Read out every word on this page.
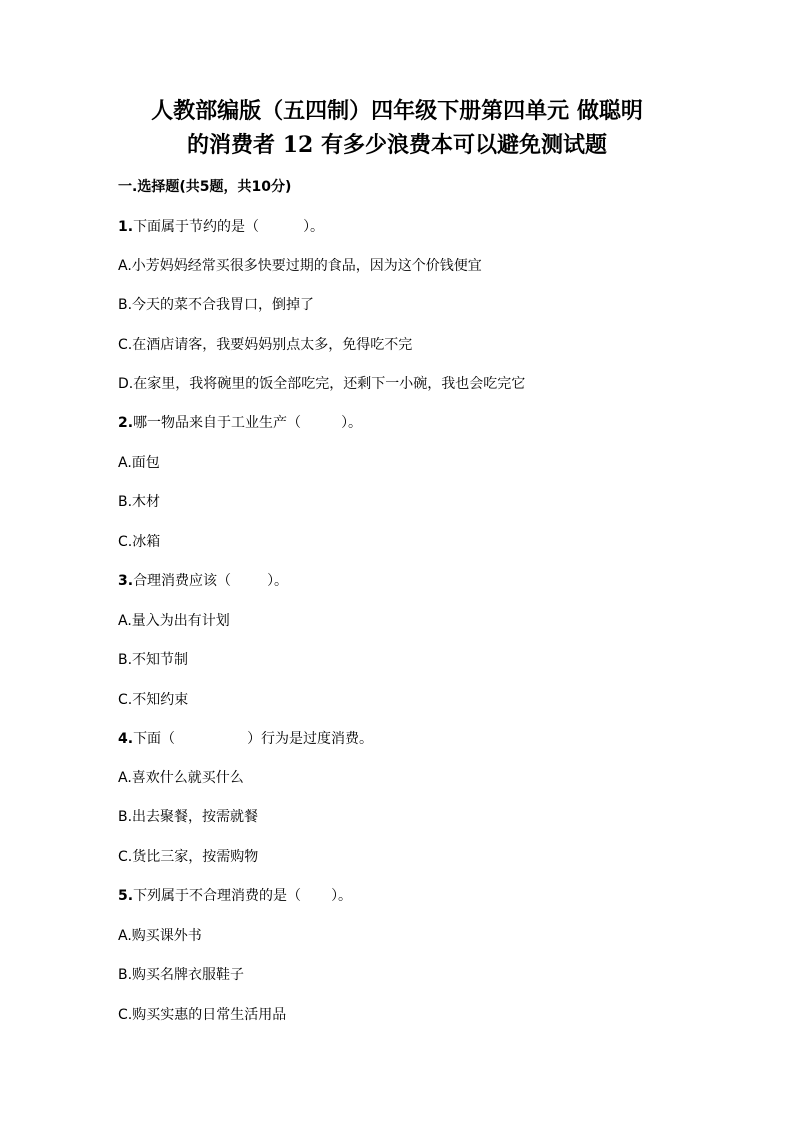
人教部编版（五四制）四年级下册第四单元 做聪明
的消费者 12 有多少浪费本可以避免测试题
一.选择题(共5题，共10分)
1.下面属于节约的是（	）。
A.小芳妈妈经常买很多快要过期的食品，因为这个价钱便宜
B.今天的菜不合我胃口，倒掉了
C.在酒店请客，我要妈妈别点太多，免得吃不完
D.在家里，我将碗里的饭全部吃完，还剩下一小碗，我也会吃完它
2.哪一物品来自于工业生产（	）。
A.面包
B.木材
C.冰箱
3.合理消费应该（	）。
A.量入为出有计划
B.不知节制
C.不知约束
4.下面（	）行为是过度消费。
A.喜欢什么就买什么
B.出去聚餐，按需就餐
C.货比三家，按需购物
5.下列属于不合理消费的是（ ）。
A.购买课外书
B.购买名牌衣服鞋子
C.购买实惠的日常生活用品
